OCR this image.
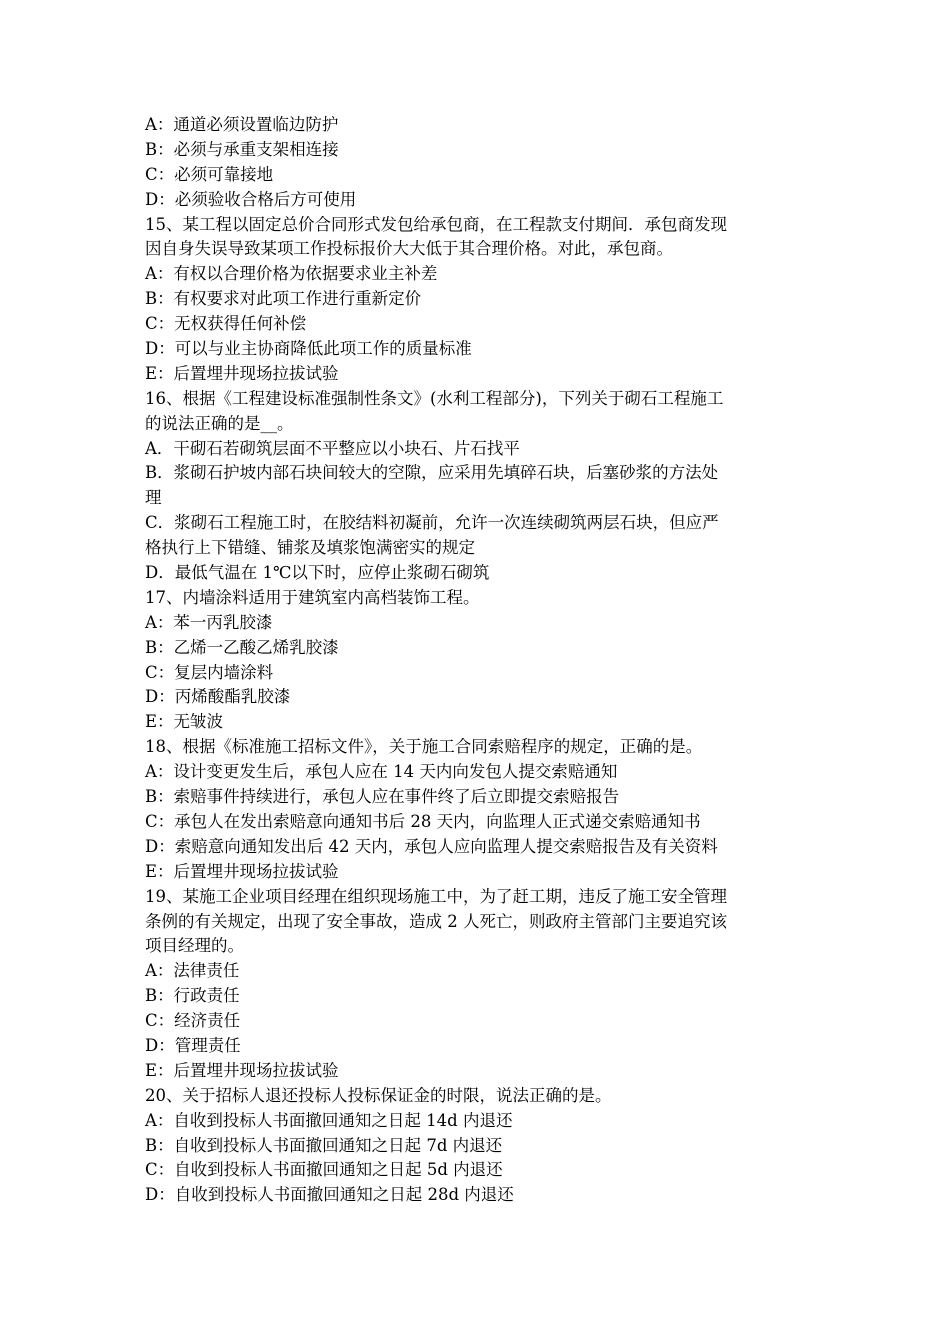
A：通道必须设置临边防护
B：必须与承重支架相连接
C：必须可靠接地
D：必须验收合格后方可使用
15、某工程以固定总价合同形式发包给承包商，在工程款支付期间．承包商发现
因自身失误导致某项工作投标报价大大低于其合理价格。对此，承包商。
A：有权以合理价格为依据要求业主补差
B：有权要求对此项工作进行重新定价
C：无权获得任何补偿
D：可以与业主协商降低此项工作的质量标准
E：后置埋井现场拉拔试验
16、根据《工程建设标准强制性条文》(水利工程部分)，下列关于砌石工程施工
的说法正确的是__。
A．干砌石若砌筑层面不平整应以小块石、片石找平
B．浆砌石护坡内部石块间较大的空隙，应采用先填碎石块，后塞砂浆的方法处
理
C．浆砌石工程施工时，在胶结料初凝前，允许一次连续砌筑两层石块，但应严
格执行上下错缝、铺浆及填浆饱满密实的规定
D．最低气温在 1℃以下时，应停止浆砌石砌筑
17、内墙涂料适用于建筑室内高档装饰工程。
A：苯一丙乳胶漆
B：乙烯一乙酸乙烯乳胶漆
C：复层内墙涂料
D：丙烯酸酯乳胶漆
E：无皱波
18、根据《标准施工招标文件》，关于施工合同索赔程序的规定，正确的是。
A：设计变更发生后，承包人应在 14 天内向发包人提交索赔通知
B：索赔事件持续进行，承包人应在事件终了后立即提交索赔报告
C：承包人在发出索赔意向通知书后 28 天内，向监理人正式递交索赔通知书
D：索赔意向通知发出后 42 天内，承包人应向监理人提交索赔报告及有关资料
E：后置埋井现场拉拔试验
19、某施工企业项目经理在组织现场施工中，为了赶工期，违反了施工安全管理
条例的有关规定，出现了安全事故，造成 2 人死亡，则政府主管部门主要追究该
项目经理的。
A：法律责任
B：行政责任
C：经济责任
D：管理责任
E：后置埋井现场拉拔试验
20、关于招标人退还投标人投标保证金的时限，说法正确的是。
A：自收到投标人书面撤回通知之日起 14d 内退还
B：自收到投标人书面撤回通知之日起 7d 内退还
C：自收到投标人书面撤回通知之日起 5d 内退还
D：自收到投标人书面撤回通知之日起 28d 内退还
